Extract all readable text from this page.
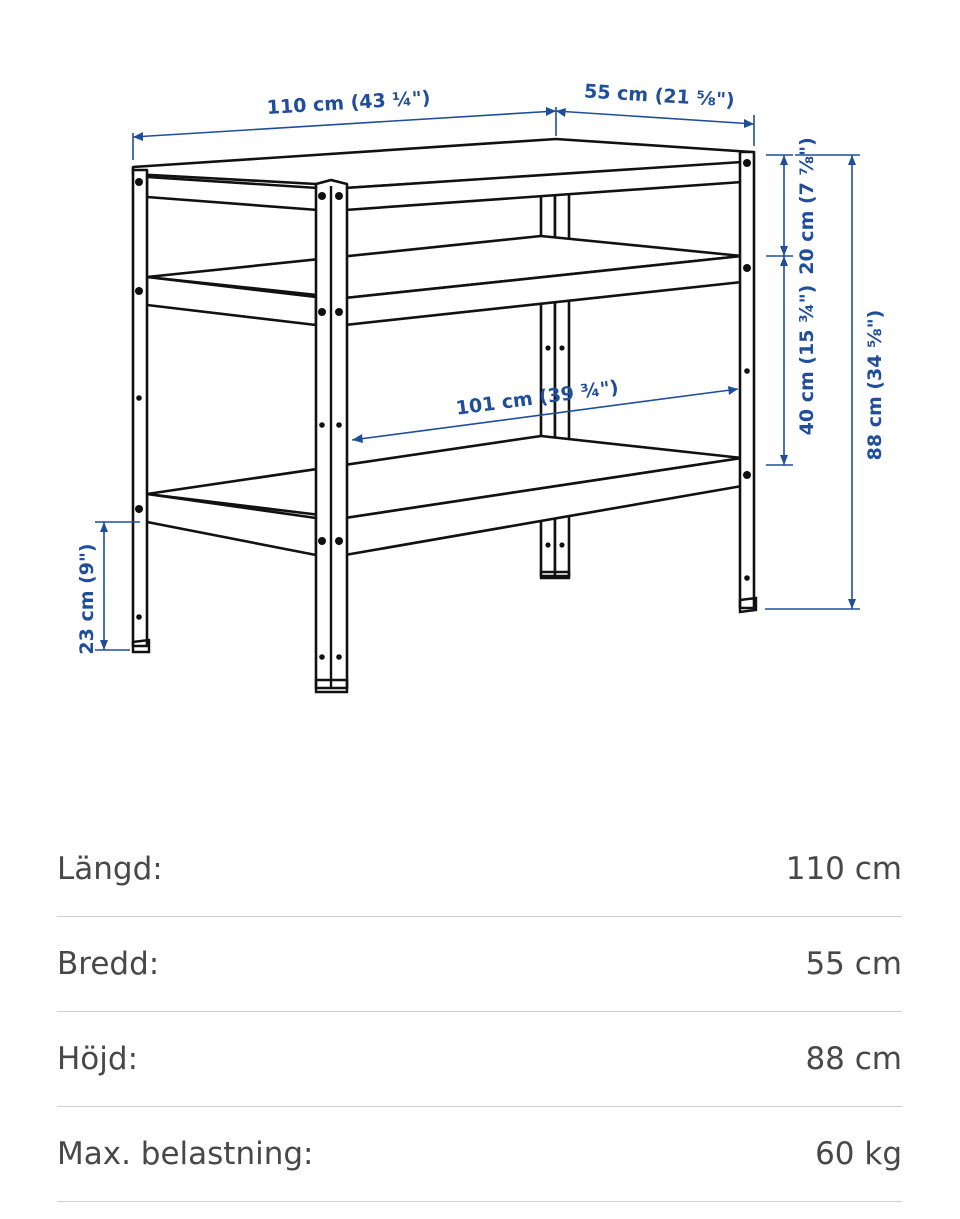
110 cm (43 ¼")	55 cm (21 ⅝")
101 cm (39 ¾")
20 cm (7 ⅞")
40 cm (15 ¾") 88 cm (34 ⅝")
23 cm (9")
Längd:	110 cm
Bredd:	55 cm
Höjd:	88 cm
Max. belastning:	60 kg
